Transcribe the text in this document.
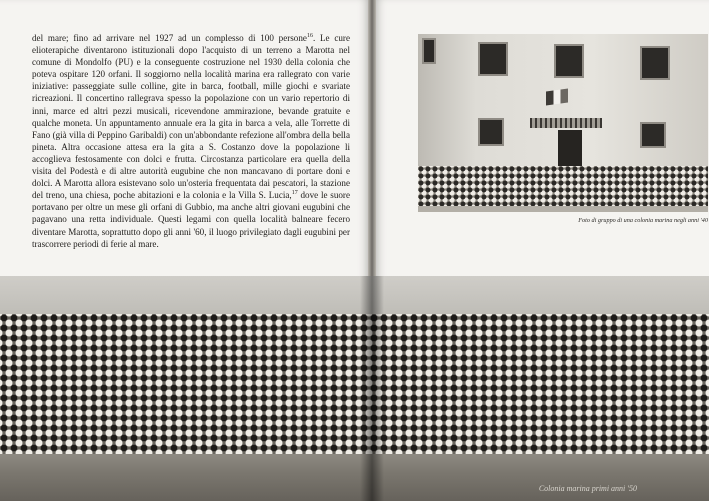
del mare; fino ad arrivare nel 1927 ad un complesso di 100 persone$^{16}$. Le cure elioterapiche diventarono istituzionali dopo l'acquisto di un terreno a Marotta nel comune di Mondolfo (PU) e la conseguente costruzione nel 1930 della colonia che poteva ospitare 120 orfani. Il soggiorno nella località marina era rallegrato con varie iniziative: passeggiate sulle colline, gite in barca, football, mille giochi e svariate ricreazioni. Il concertino rallegrava spesso la popolazione con un vario repertorio di inni, marce ed altri pezzi musicali, ricevendone ammirazione, bevande gratuite e qualche moneta. Un appuntamento annuale era la gita in barca a vela, alle Torrette di Fano (già villa di Peppino Garibaldi) con un'abbondante refezione all'ombra della bella pineta. Altra occasione attesa era la gita a S. Costanzo dove la popolazione li accoglieva festosamente con dolci e frutta. Circostanza particolare era quella della visita del Podestà e di altre autorità eugubine che non mancavano di portare doni e dolci. A Marotta allora esistevano solo un'osteria frequentata dai pescatori, la stazione del treno, una chiesa, poche abitazioni e la colonia e la Villa S. Lucia,$^{17}$ dove le suore portavano per oltre un mese gli orfani di Gubbio, ma anche altri giovani eugubini che pagavano una retta individuale. Questi legami con quella località balneare fecero diventare Marotta, soprattutto dopo gli anni '60, il luogo privilegiato dagli eugubini per trascorrere periodi di ferie al mare.

Foto di gruppo di una colonia marina negli anni '40
Colonia marina primi anni '50
